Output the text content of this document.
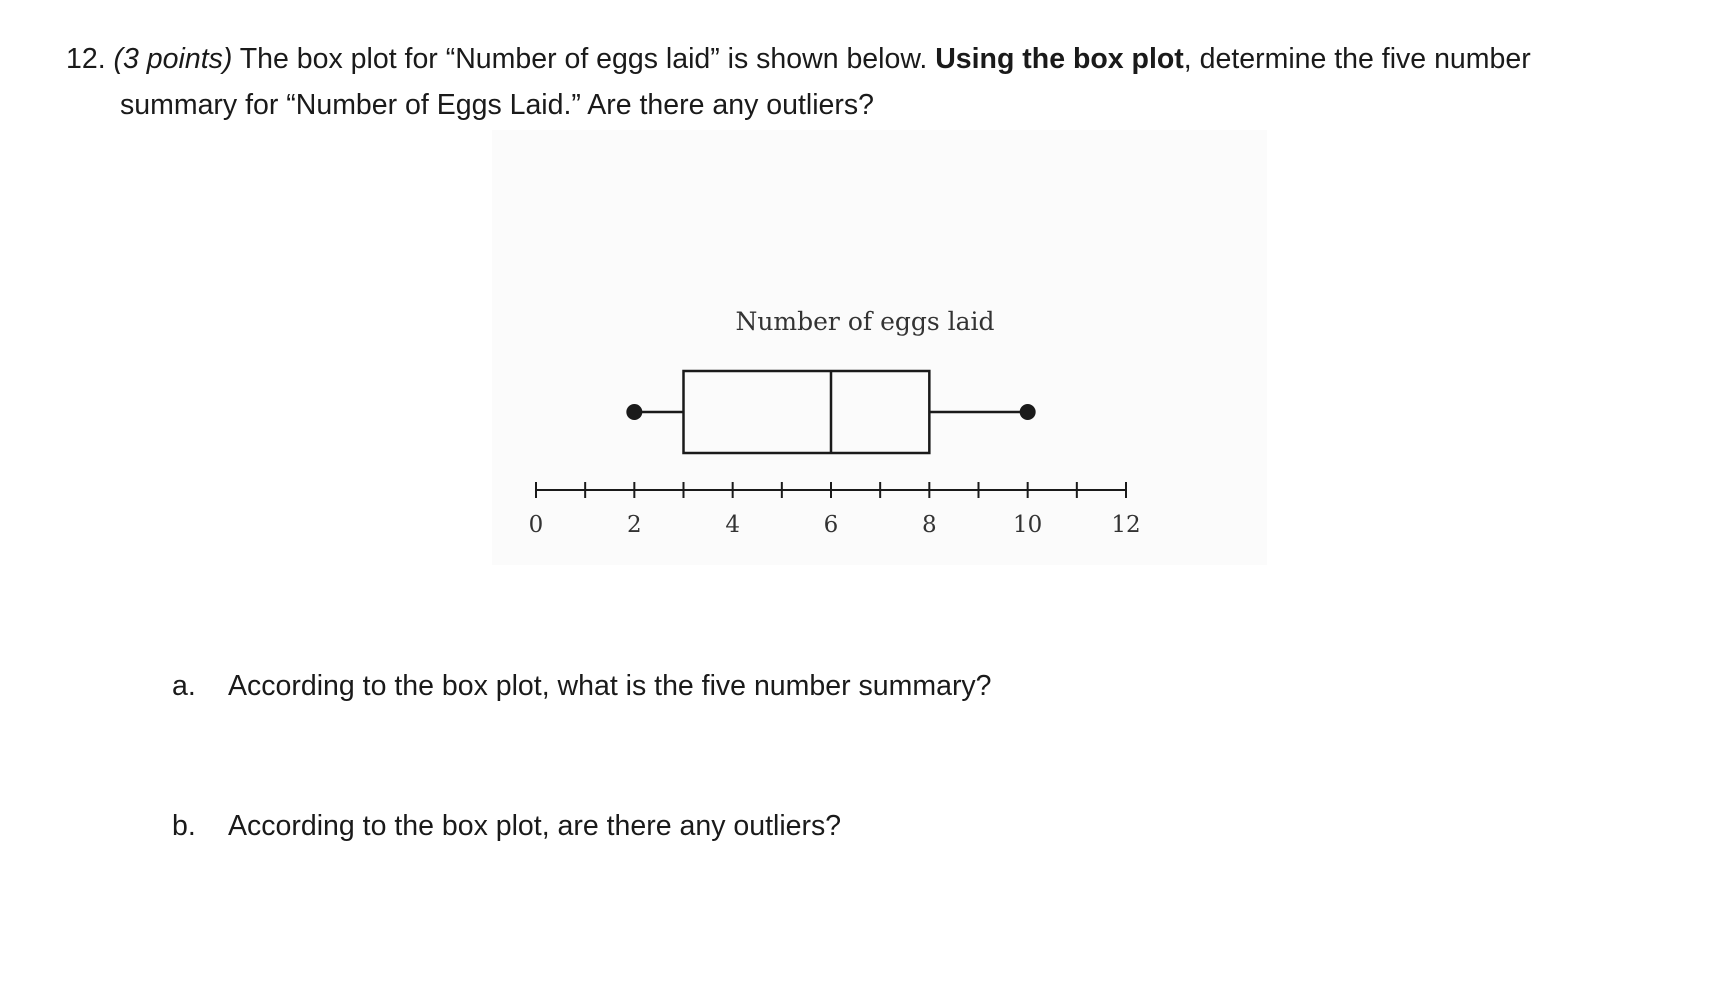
12. (3 points) The box plot for “Number of eggs laid” is shown below. Using the box plot, determine the five number
summary for “Number of Eggs Laid.” Are there any outliers?
Number of eggs laid
0	2	4	6	8	10	12
a. According to the box plot, what is the five number summary?
b. According to the box plot, are there any outliers?
